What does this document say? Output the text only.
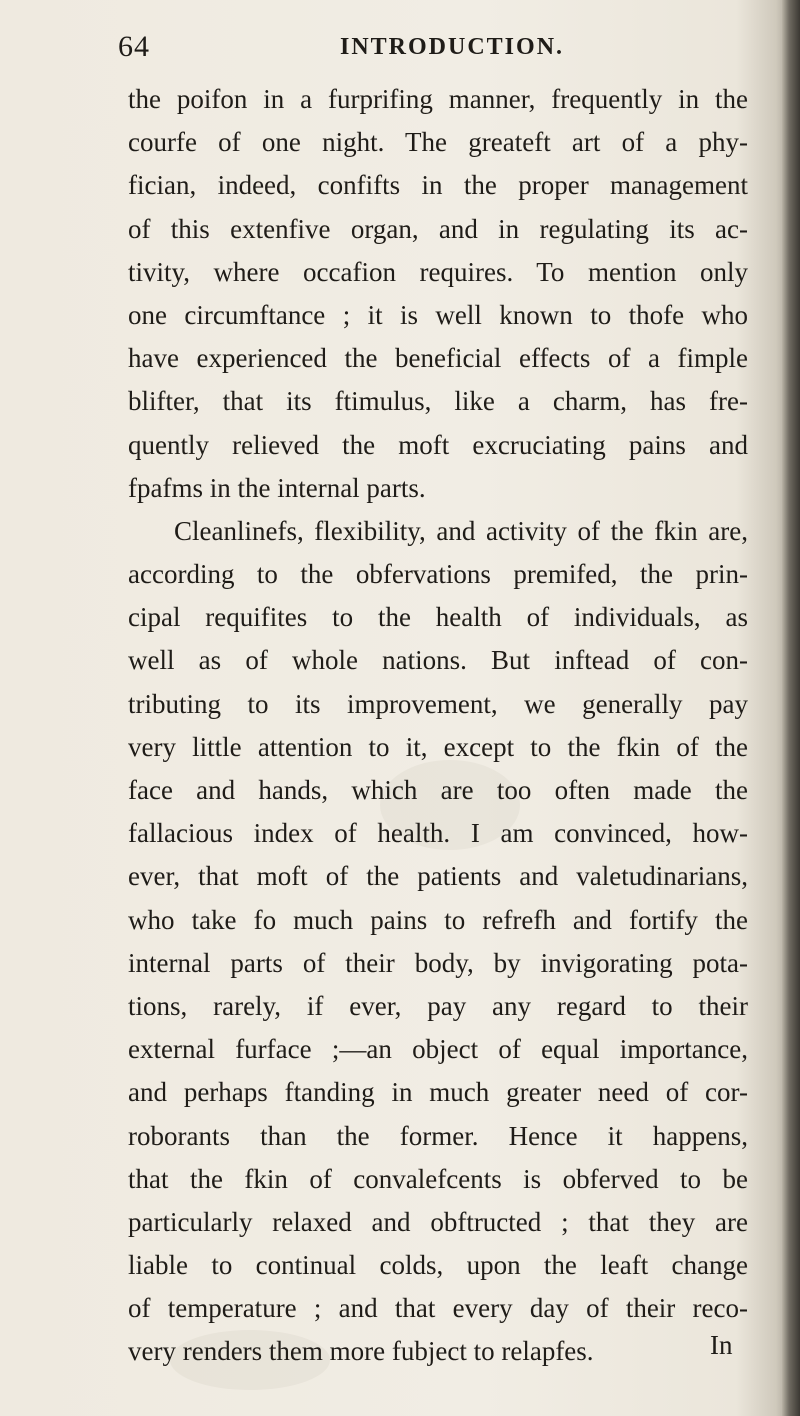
64	INTRODUCTION.
the poifon in a furprifing manner, frequently in the
courfe of one night. The greateft art of a phy-
fician, indeed, confifts in the proper management
of this extenfive organ, and in regulating its ac-
tivity, where occafion requires. To mention only
one circumftance ; it is well known to thofe who
have experienced the beneficial effects of a fimple
blifter, that its ftimulus, like a charm, has fre-
quently relieved the moft excruciating pains and
fpafms in the internal parts.
Cleanlinefs, flexibility, and activity of the fkin are,
according to the obfervations premifed, the prin-
cipal requifites to the health of individuals, as
well as of whole nations. But inftead of con-
tributing to its improvement, we generally pay
very little attention to it, except to the fkin of the
face and hands, which are too often made the
fallacious index of health. I am convinced, how-
ever, that moft of the patients and valetudinarians,
who take fo much pains to refrefh and fortify the
internal parts of their body, by invigorating pota-
tions, rarely, if ever, pay any regard to their
external furface ;—an object of equal importance,
and perhaps ftanding in much greater need of cor-
roborants than the former. Hence it happens,
that the fkin of convalefcents is obferved to be
particularly relaxed and obftructed ; that they are
liable to continual colds, upon the leaft change
of temperature ; and that every day of their reco-
very renders them more fubject to relapfes.	In
